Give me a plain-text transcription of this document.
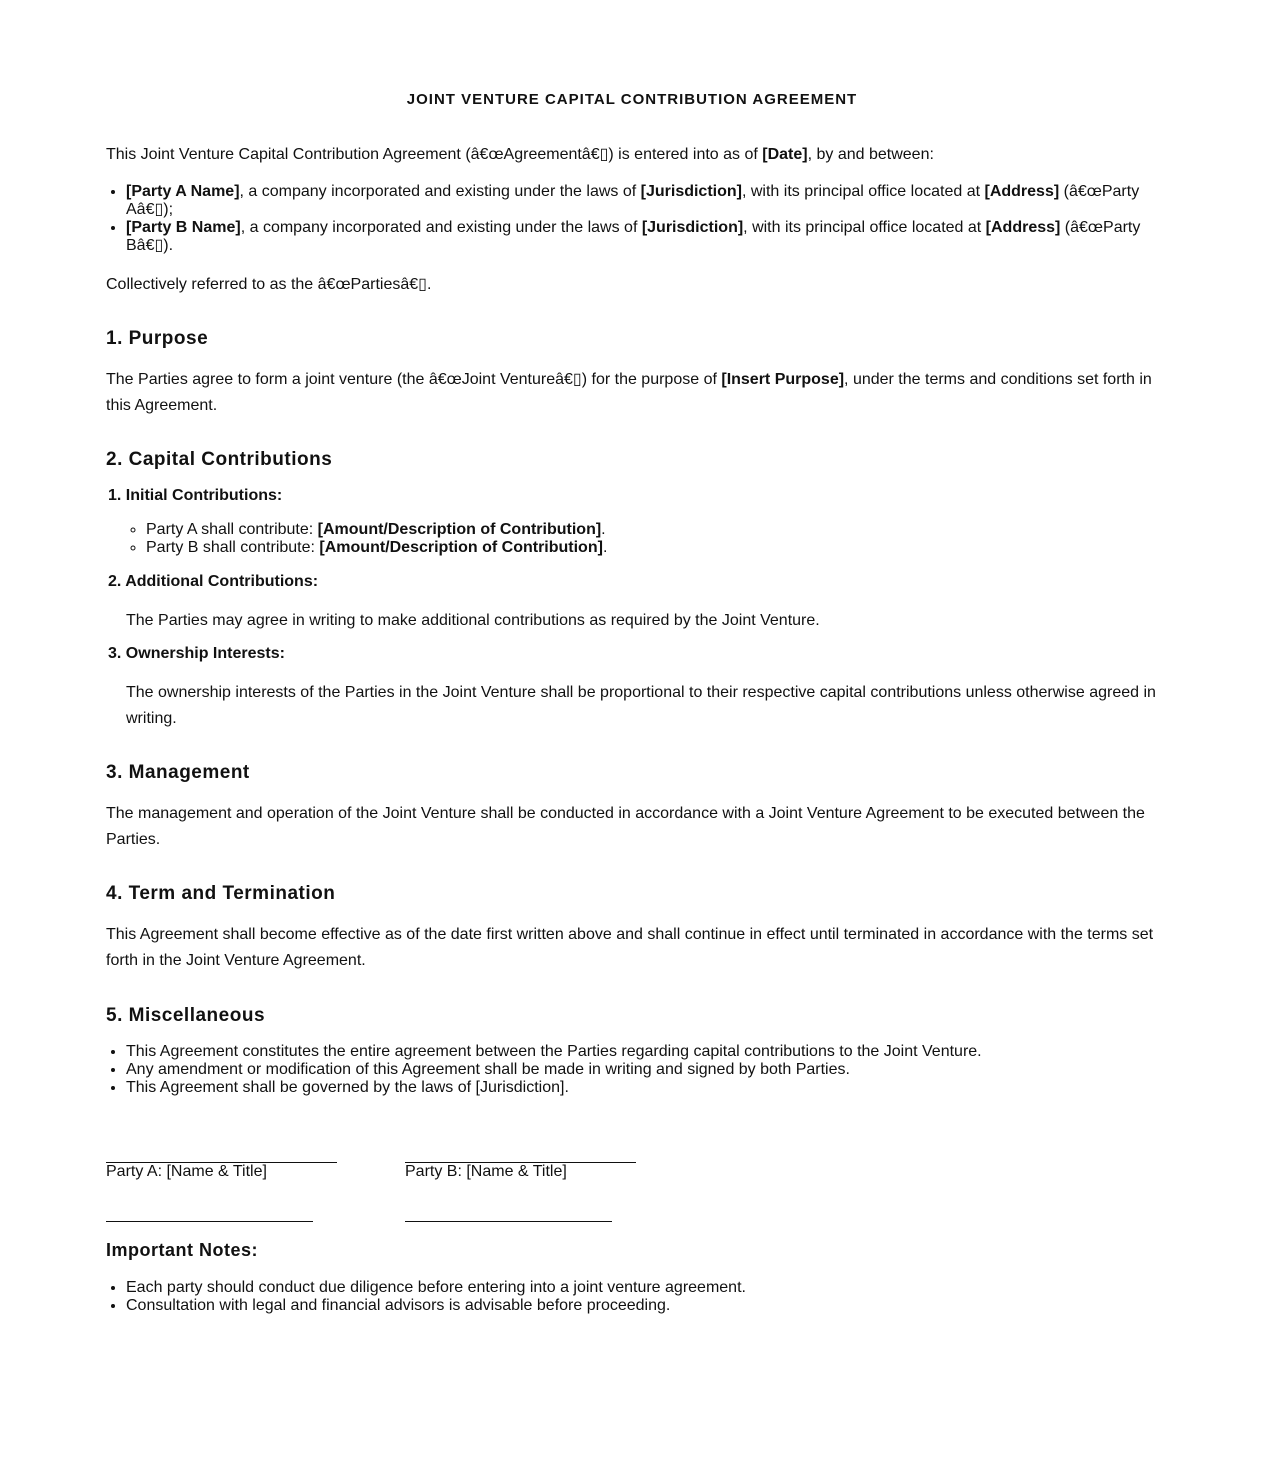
JOINT VENTURE CAPITAL CONTRIBUTION AGREEMENT

This Joint Venture Capital Contribution Agreement (â€œAgreementâ€▯) is entered into as of [Date], by and between:

• [Party A Name], a company incorporated and existing under the laws of [Jurisdiction], with its principal office located at [Address] (â€œParty Aâ€▯);
• [Party B Name], a company incorporated and existing under the laws of [Jurisdiction], with its principal office located at [Address] (â€œParty Bâ€▯).

Collectively referred to as the â€œPartiesâ€▯.

1. Purpose

The Parties agree to form a joint venture (the â€œJoint Ventureâ€▯) for the purpose of [Insert Purpose], under the terms and conditions set forth in this Agreement.

2. Capital Contributions
1. Initial Contributions:
◦ Party A shall contribute: [Amount/Description of Contribution].
◦ Party B shall contribute: [Amount/Description of Contribution].
2. Additional Contributions:

The Parties may agree in writing to make additional contributions as required by the Joint Venture.

3. Ownership Interests:

The ownership interests of the Parties in the Joint Venture shall be proportional to their respective capital contributions unless otherwise agreed in writing.

3. Management

The management and operation of the Joint Venture shall be conducted in accordance with a Joint Venture Agreement to be executed between the Parties.

4. Term and Termination

This Agreement shall become effective as of the date first written above and shall continue in effect until terminated in accordance with the terms set forth in the Joint Venture Agreement.

5. Miscellaneous
• This Agreement constitutes the entire agreement between the Parties regarding capital contributions to the Joint Venture.
• Any amendment or modification of this Agreement shall be made in writing and signed by both Parties.
• This Agreement shall be governed by the laws of [Jurisdiction].
Party A: [Name & Title]	Party B: [Name & Title]
Important Notes:
• Each party should conduct due diligence before entering into a joint venture agreement.
• Consultation with legal and financial advisors is advisable before proceeding.
